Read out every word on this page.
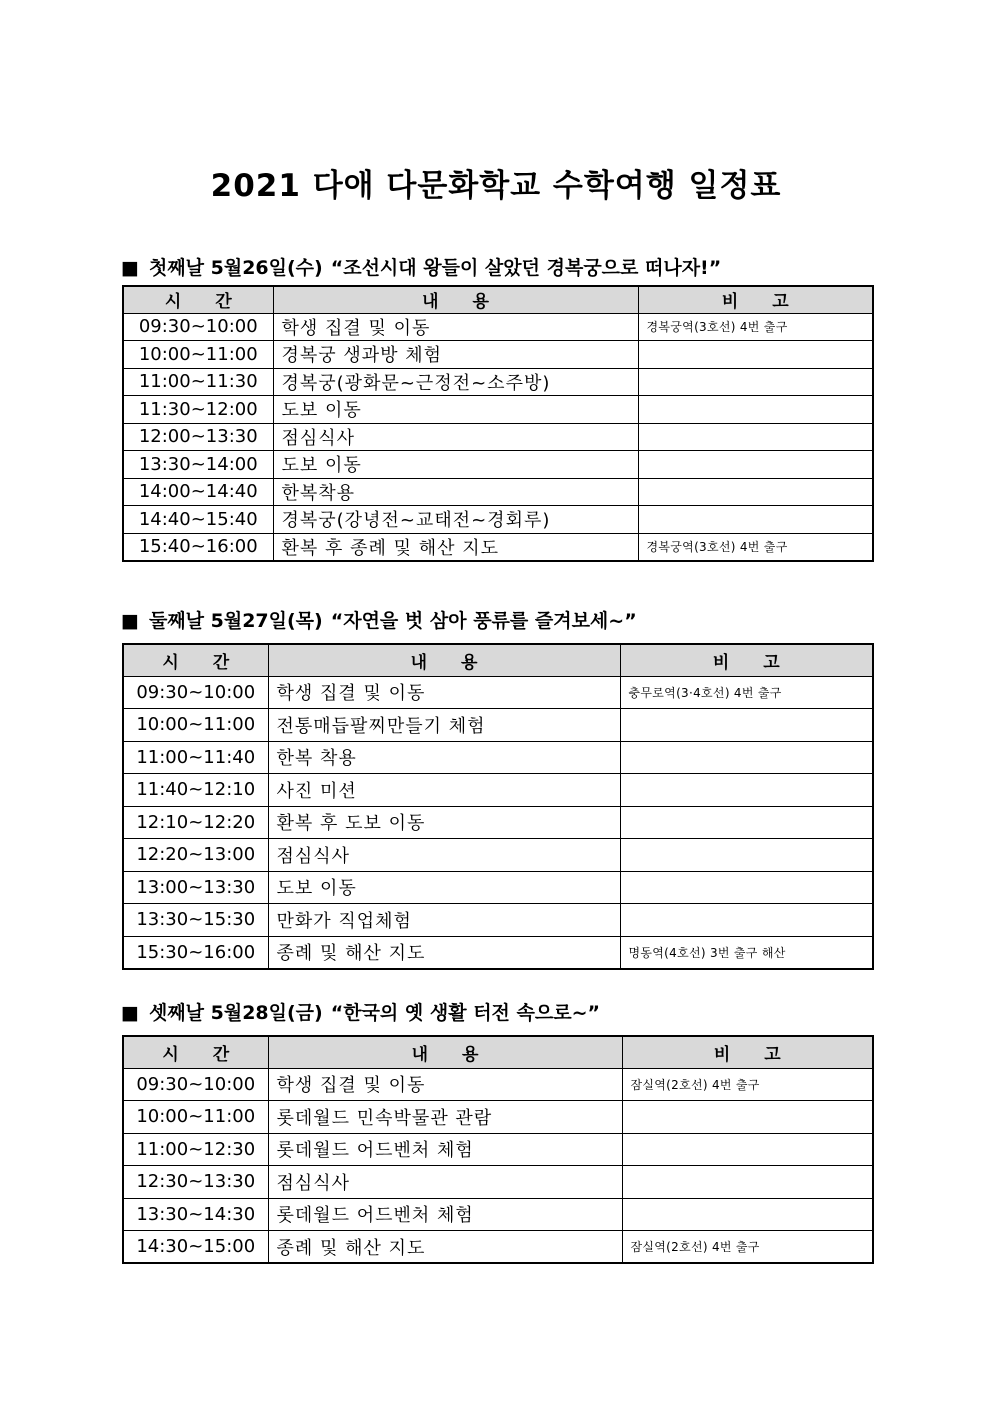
2021 다애 다문화학교 수학여행 일정표
■ 첫째날 5월26일(수) “조선시대 왕들이 살았던 경복궁으로 떠나자!”
시 간	내 용	비 고
09:30~10:00	학생 집결 및 이동	경복궁역(3호선) 4번 출구
10:00~11:00	경복궁 생과방 체험	
11:00~11:30	경복궁(광화문~근정전~소주방)	
11:30~12:00	도보 이동	
12:00~13:30	점심식사	
13:30~14:00	도보 이동	
14:00~14:40	한복착용	
14:40~15:40	경복궁(강녕전~교태전~경회루)	
15:40~16:00	환복 후 종례 및 해산 지도	경복궁역(3호선) 4번 출구
■ 둘째날 5월27일(목) “자연을 벗 삼아 풍류를 즐겨보세~”
시 간	내 용	비 고
09:30~10:00	학생 집결 및 이동	충무로역(3·4호선) 4번 출구
10:00~11:00	전통매듭팔찌만들기 체험	
11:00~11:40	한복 착용	
11:40~12:10	사진 미션	
12:10~12:20	환복 후 도보 이동	
12:20~13:00	점심식사	
13:00~13:30	도보 이동	
13:30~15:30	만화가 직업체험	
15:30~16:00	종례 및 해산 지도	명동역(4호선) 3번 출구 해산
■ 셋째날 5월28일(금) “한국의 옛 생활 터전 속으로~”
시 간	내 용	비 고
09:30~10:00	학생 집결 및 이동	잠실역(2호선) 4번 출구
10:00~11:00	롯데월드 민속박물관 관람	
11:00~12:30	롯데월드 어드벤처 체험	
12:30~13:30	점심식사	
13:30~14:30	롯데월드 어드벤처 체험	
14:30~15:00	종례 및 해산 지도	잠실역(2호선) 4번 출구
